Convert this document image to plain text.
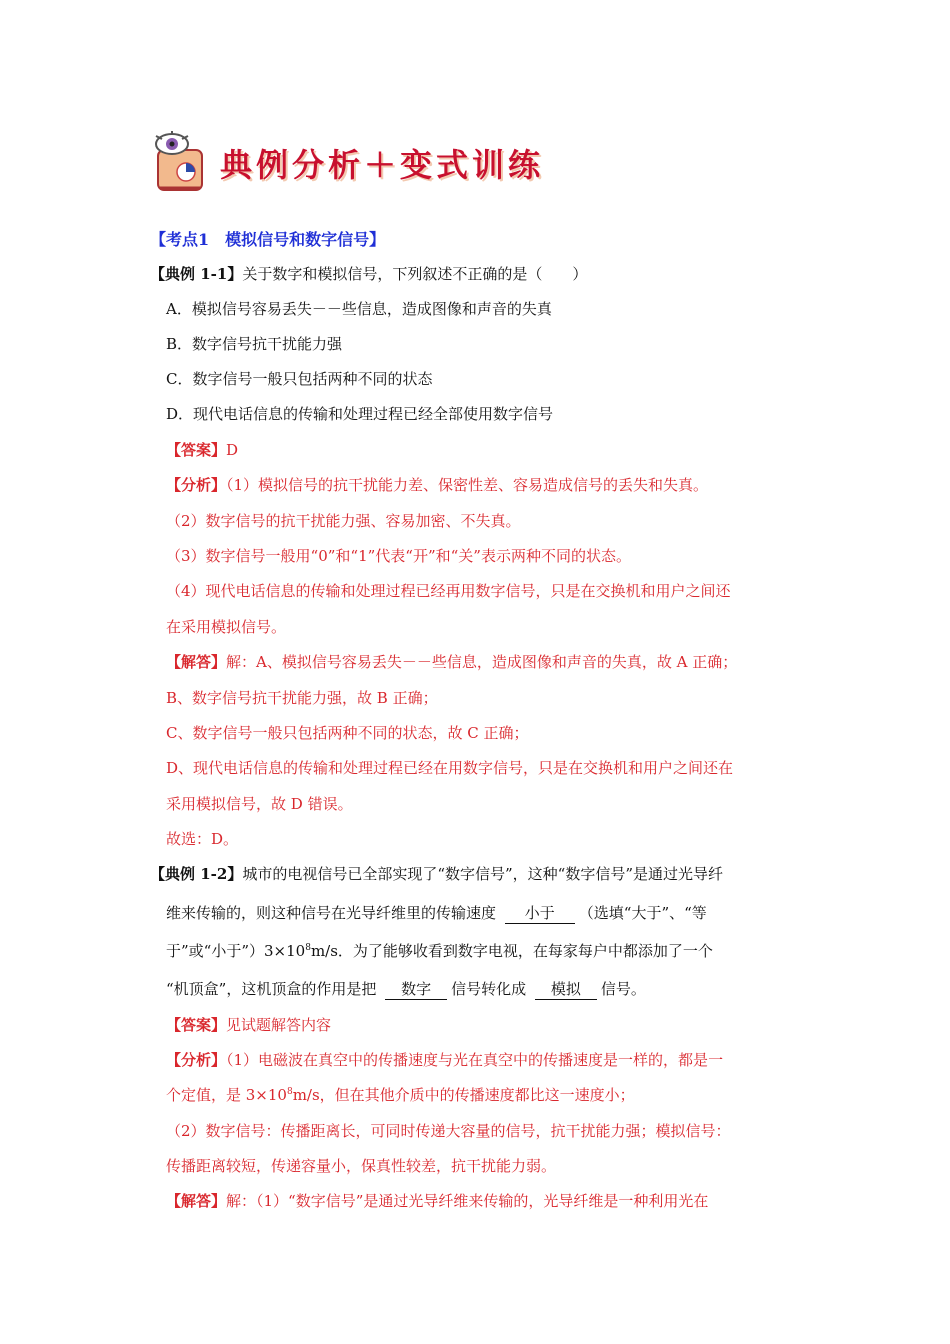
典例分析＋变式训练
【考点1　模拟信号和数字信号】
【典例 1-1】关于数字和模拟信号，下列叙述不正确的是（　　）
A．模拟信号容易丢失－－些信息，造成图像和声音的失真
B．数字信号抗干扰能力强
C．数字信号一般只包括两种不同的状态
D．现代电话信息的传输和处理过程已经全部使用数字信号
【答案】D
【分析】（1）模拟信号的抗干扰能力差、保密性差、容易造成信号的丢失和失真。
（2）数字信号的抗干扰能力强、容易加密、不失真。
（3）数字信号一般用“0”和“1”代表“开”和“关”表示两种不同的状态。
（4）现代电话信息的传输和处理过程已经再用数字信号，只是在交换机和用户之间还
在采用模拟信号。
【解答】解：A、模拟信号容易丢失－－些信息，造成图像和声音的失真，故 A 正确；
B、数字信号抗干扰能力强，故 B 正确；
C、数字信号一般只包括两种不同的状态，故 C 正确；
D、现代电话信息的传输和处理过程已经在用数字信号，只是在交换机和用户之间还在
采用模拟信号，故 D 错误。
故选：D。
【典例 1-2】城市的电视信号已全部实现了“数字信号”，这种“数字信号”是通过光导纤
维来传输的，则这种信号在光导纤维里的传输速度 小于 （选填“大于”、“等
于”或“小于$”)3\times 10^8m/s$．为了能够收看到数字电视，在每家每户中都添加了一个
“机顶盒”，这机顶盒的作用是把 数字 信号转化成 模拟 信号。
【答案】见试题解答内容
【分析】（1）电磁波在真空中的传播速度与光在真空中的传播速度是一样的，都是一
个定值，是 $3\times 10^8m/s$，但在其他介质中的传播速度都比这一速度小；
（2）数字信号：传播距离长，可同时传递大容量的信号，抗干扰能力强；模拟信号：
传播距离较短，传递容量小，保真性较差，抗干扰能力弱。
【解答】解：（1）“数字信号”是通过光导纤维来传输的，光导纤维是一种利用光在
